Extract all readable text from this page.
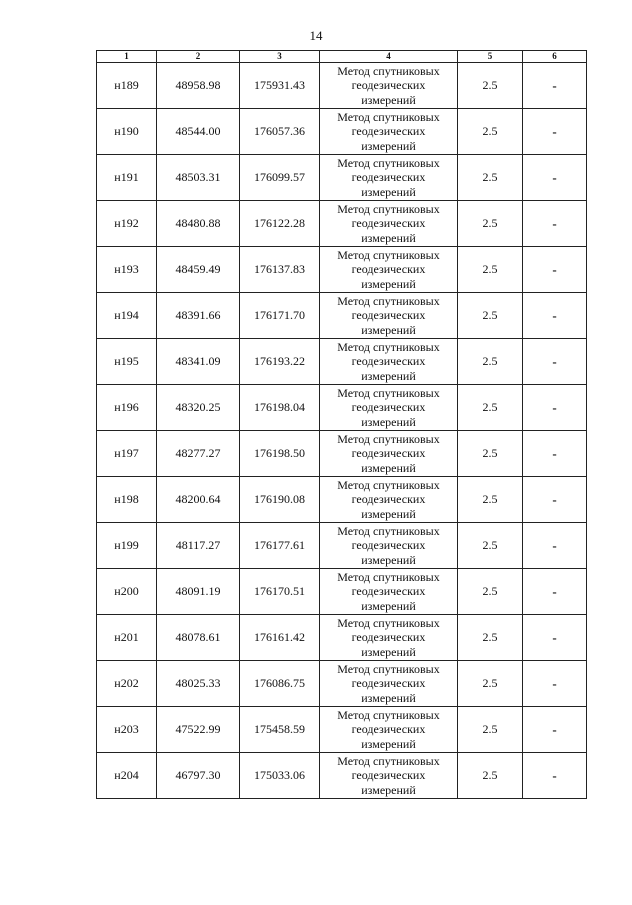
14
1	2	3	4	5	6
н189	48958.98	175931.43	Метод спутниковых
геодезических
измерений	2.5	-
н190	48544.00	176057.36	Метод спутниковых
геодезических
измерений	2.5	-
н191	48503.31	176099.57	Метод спутниковых
геодезических
измерений	2.5	-
н192	48480.88	176122.28	Метод спутниковых
геодезических
измерений	2.5	-
н193	48459.49	176137.83	Метод спутниковых
геодезических
измерений	2.5	-
н194	48391.66	176171.70	Метод спутниковых
геодезических
измерений	2.5	-
н195	48341.09	176193.22	Метод спутниковых
геодезических
измерений	2.5	-
н196	48320.25	176198.04	Метод спутниковых
геодезических
измерений	2.5	-
н197	48277.27	176198.50	Метод спутниковых
геодезических
измерений	2.5	-
н198	48200.64	176190.08	Метод спутниковых
геодезических
измерений	2.5	-
н199	48117.27	176177.61	Метод спутниковых
геодезических
измерений	2.5	-
н200	48091.19	176170.51	Метод спутниковых
геодезических
измерений	2.5	-
н201	48078.61	176161.42	Метод спутниковых
геодезических
измерений	2.5	-
н202	48025.33	176086.75	Метод спутниковых
геодезических
измерений	2.5	-
н203	47522.99	175458.59	Метод спутниковых
геодезических
измерений	2.5	-
н204	46797.30	175033.06	Метод спутниковых
геодезических
измерений	2.5	-
